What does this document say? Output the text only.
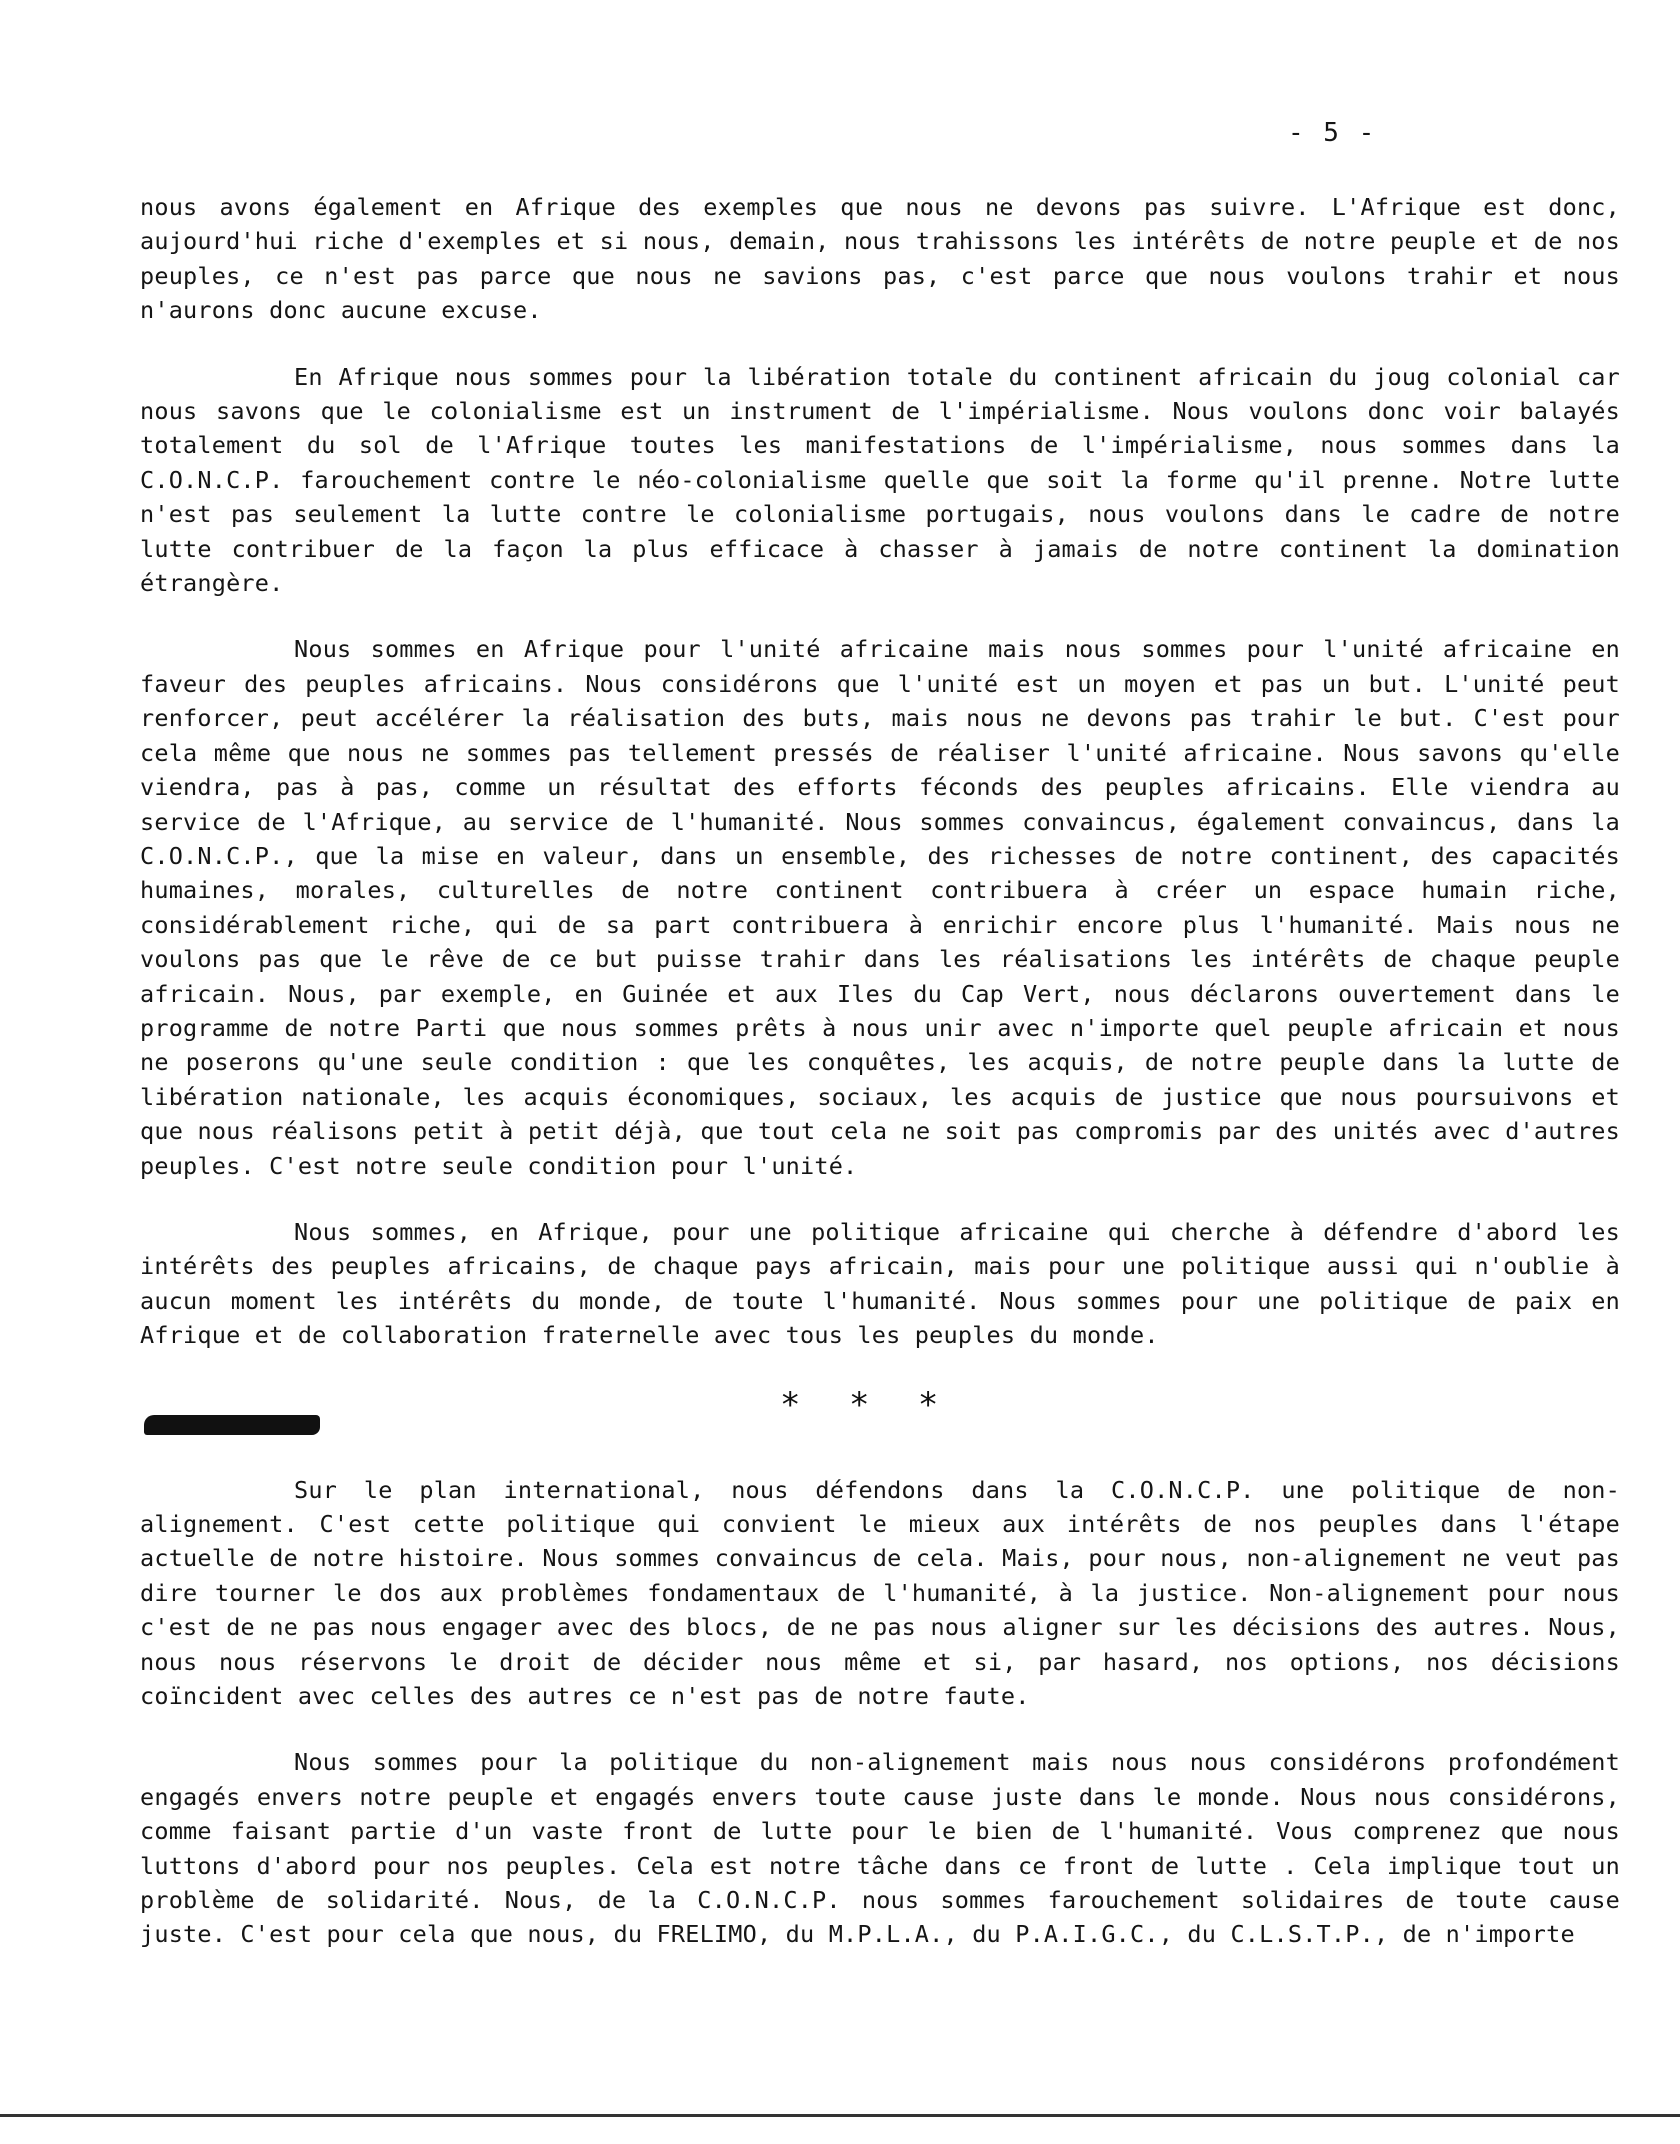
- 5 -

nous avons également en Afrique des exemples que nous ne devons pas suivre. L'Afrique est donc, aujourd'hui riche d'exemples et si nous, demain, nous trahissons les intérêts de notre peuple et de nos peuples, ce n'est pas parce que nous ne savions pas, c'est parce que nous voulons trahir et nous n'aurons donc aucune excuse.

En Afrique nous sommes pour la libération totale du continent africain du joug colonial car nous savons que le colonialisme est un instrument de l'impérialisme. Nous voulons donc voir balayés totalement du sol de l'Afrique toutes les manifestations de l'impérialisme, nous sommes dans la C.O.N.C.P. farouchement contre le néo-colonialisme quelle que soit la forme qu'il prenne. Notre lutte n'est pas seulement la lutte contre le colonialisme portugais, nous voulons dans le cadre de notre lutte contribuer de la façon la plus efficace à chasser à jamais de notre continent la domination étrangère.

Nous sommes en Afrique pour l'unité africaine mais nous sommes pour l'unité africaine en faveur des peuples africains. Nous considérons que l'unité est un moyen et pas un but. L'unité peut renforcer, peut accélérer la réalisation des buts, mais nous ne devons pas trahir le but. C'est pour cela même que nous ne sommes pas tellement pressés de réaliser l'unité africaine. Nous savons qu'elle viendra, pas à pas, comme un résultat des efforts féconds des peuples africains. Elle viendra au service de l'Afrique, au service de l'humanité. Nous sommes convaincus, également convaincus, dans la C.O.N.C.P., que la mise en valeur, dans un ensemble, des richesses de notre continent, des capacités humaines, morales, culturelles de notre continent contribuera à créer un espace humain riche, considérablement riche, qui de sa part contribuera à enrichir encore plus l'humanité. Mais nous ne voulons pas que le rêve de ce but puisse trahir dans les réalisations les intérêts de chaque peuple africain. Nous, par exemple, en Guinée et aux Iles du Cap Vert, nous déclarons ouvertement dans le programme de notre Parti que nous sommes prêts à nous unir avec n'importe quel peuple africain et nous ne poserons qu'une seule condition : que les conquêtes, les acquis, de notre peuple dans la lutte de libération nationale, les acquis économiques, sociaux, les acquis de justice que nous poursuivons et que nous réalisons petit à petit déjà, que tout cela ne soit pas compromis par des unités avec d'autres peuples. C'est notre seule condition pour l'unité.

Nous sommes, en Afrique, pour une politique africaine qui cherche à défendre d'abord les intérêts des peuples africains, de chaque pays africain, mais pour une politique aussi qui n'oublie à aucun moment les intérêts du monde, de toute l'humanité. Nous sommes pour une politique de paix en Afrique et de collaboration fraternelle avec tous les peuples du monde.

* * *

Sur le plan international, nous défendons dans la C.O.N.C.P. une politique de non-alignement. C'est cette politique qui convient le mieux aux intérêts de nos peuples dans l'étape actuelle de notre histoire. Nous sommes convaincus de cela. Mais, pour nous, non-alignement ne veut pas dire tourner le dos aux problèmes fondamentaux de l'humanité, à la justice. Non-alignement pour nous c'est de ne pas nous engager avec des blocs, de ne pas nous aligner sur les décisions des autres. Nous, nous nous réservons le droit de décider nous même et si, par hasard, nos options, nos décisions coïncident avec celles des autres ce n'est pas de notre faute.

Nous sommes pour la politique du non-alignement mais nous nous considérons profondément engagés envers notre peuple et engagés envers toute cause juste dans le monde. Nous nous considérons, comme faisant partie d'un vaste front de lutte pour le bien de l'humanité. Vous comprenez que nous luttons d'abord pour nos peuples. Cela est notre tâche dans ce front de lutte . Cela implique tout un problème de solidarité. Nous, de la C.O.N.C.P. nous sommes farouchement solidaires de toute cause juste. C'est pour cela que nous, du FRELIMO, du M.P.L.A., du P.A.I.G.C., du C.L.S.T.P., de n'importe
